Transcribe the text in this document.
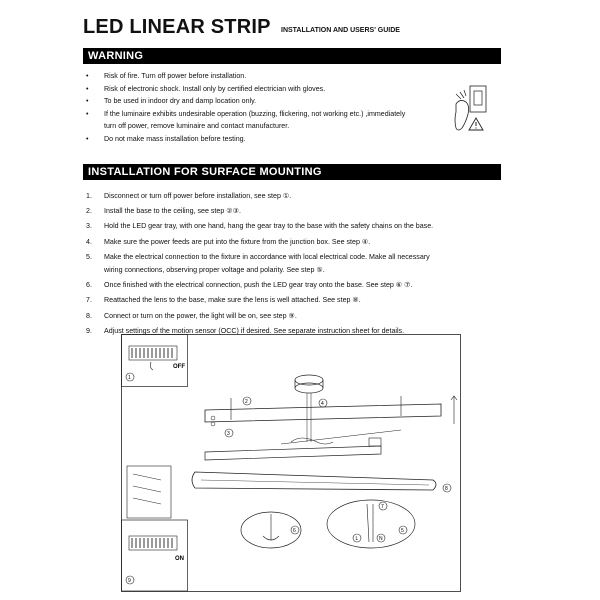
LED LINEAR STRIP INSTALLATION AND USERS' GUIDE
WARNING
• Risk of fire. Turn off power before installation.
• Risk of electronic shock. Install only by certified electrician with gloves.
• To be used in indoor dry and damp location only.
• If the luminaire exhibits undesirable operation (buzzing, flickering, not working etc.) ,immediately
turn off power, remove luminaire and contact manufacturer.
• Do not make mass installation before testing.
INSTALLATION FOR SURFACE MOUNTING
1. Disconnect or turn off power before installation, see step ①.
2. Install the base to the ceiling, see step ②③.
3. Hold the LED gear tray, with one hand, hang the gear tray to the base with the safety chains on the base.
4. Make sure the power feeds are put into the fixture from the junction box. See step ④.
5. Make the electrical connection to the fixture in accordance with local electrical code. Make all necessary
wiring connections, observing proper voltage and polarity. See step ⑤.
6. Once finished with the electrical connection, push the LED gear tray onto the base. See step ⑥ ⑦.
7. Reattached the lens to the base, make sure the lens is well attached. See step ⑧.
8. Connect or turn on the power, the light will be on, see step ⑨.
9. Adjust settings of the motion sensor (OCC) if desired. See separate instruction sheet for details.
OFF
1
4
2
3
8
6
L	N
5
7
ON
9
